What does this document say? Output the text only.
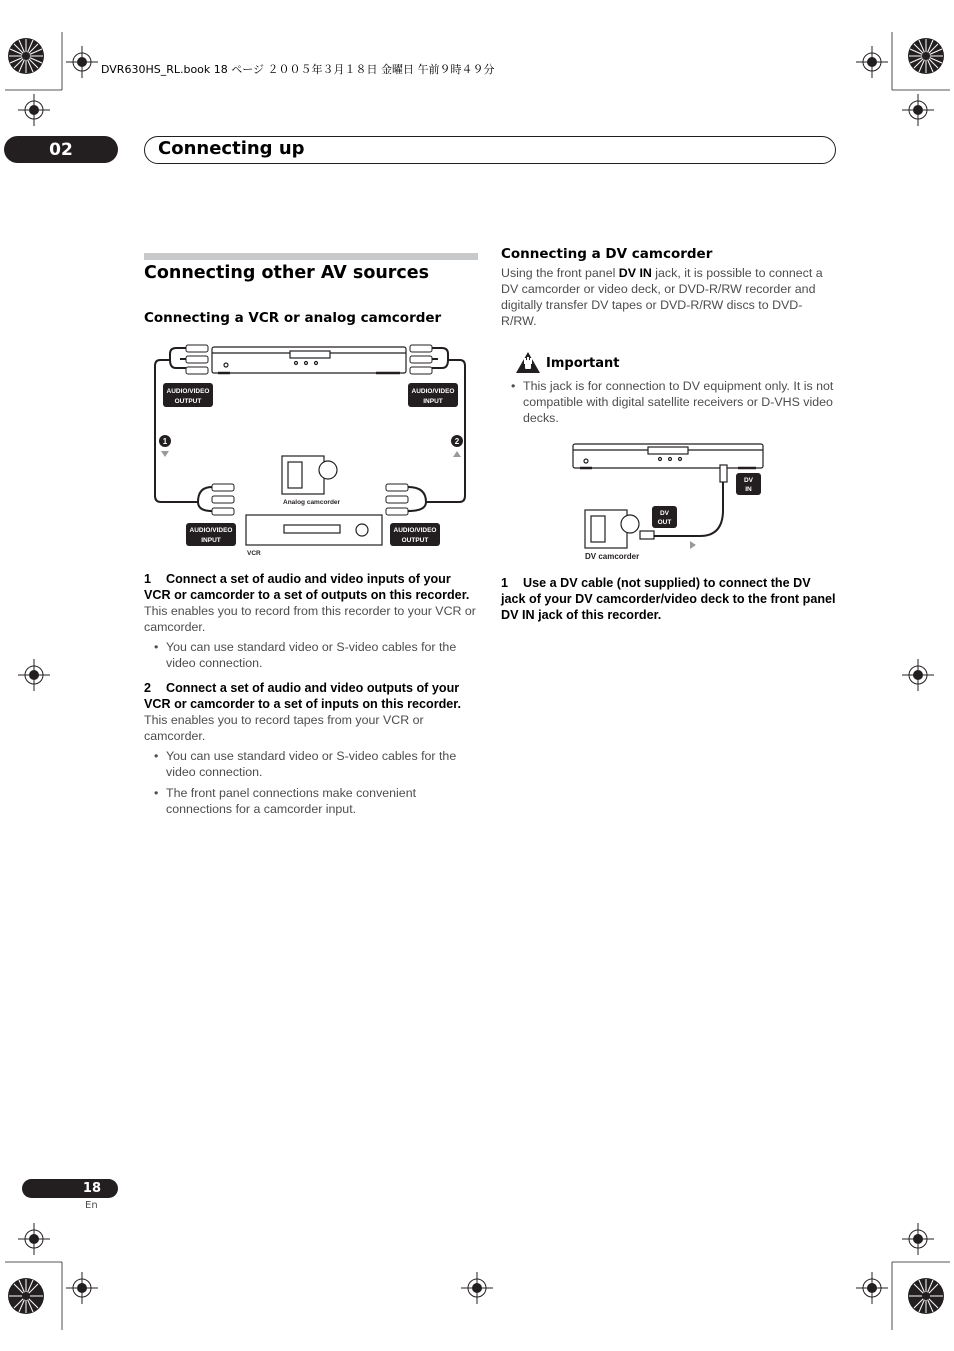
DVR630HS_RL.book 18 ページ ２００５年３月１８日 金曜日 午前９時４９分
02	Connecting up
Connecting other AV sources
Connecting a VCR or analog camcorder
AUDIO/VIDEO
OUTPUT
AUDIO/VIDEO
INPUT
AUDIO/VIDEO
INPUT
AUDIO/VIDEO
OUTPUT
1	2
Analog camcorder
VCR
1 Connect a set of audio and video inputs of your VCR or camcorder to a set of outputs on this recorder.
This enables you to record from this recorder to your VCR or camcorder.
• You can use standard video or S-video cables for the video connection.
2 Connect a set of audio and video outputs of your VCR or camcorder to a set of inputs on this recorder.
This enables you to record tapes from your VCR or camcorder.
• You can use standard video or S-video cables for the video connection.
• The front panel connections make convenient connections for a camcorder input.
Connecting a DV camcorder
Using the front panel DV IN jack, it is possible to connect a DV camcorder or video deck, or DVD-R/RW recorder and digitally transfer DV tapes or DVD-R/RW discs to DVD-R/RW.
Important
• This jack is for connection to DV equipment only. It is not compatible with digital satellite receivers or D-VHS video decks.
DV
IN
DV
OUT
DV camcorder
1 Use a DV cable (not supplied) to connect the DV jack of your DV camcorder/video deck to the front panel DV IN jack of this recorder.
18
En
